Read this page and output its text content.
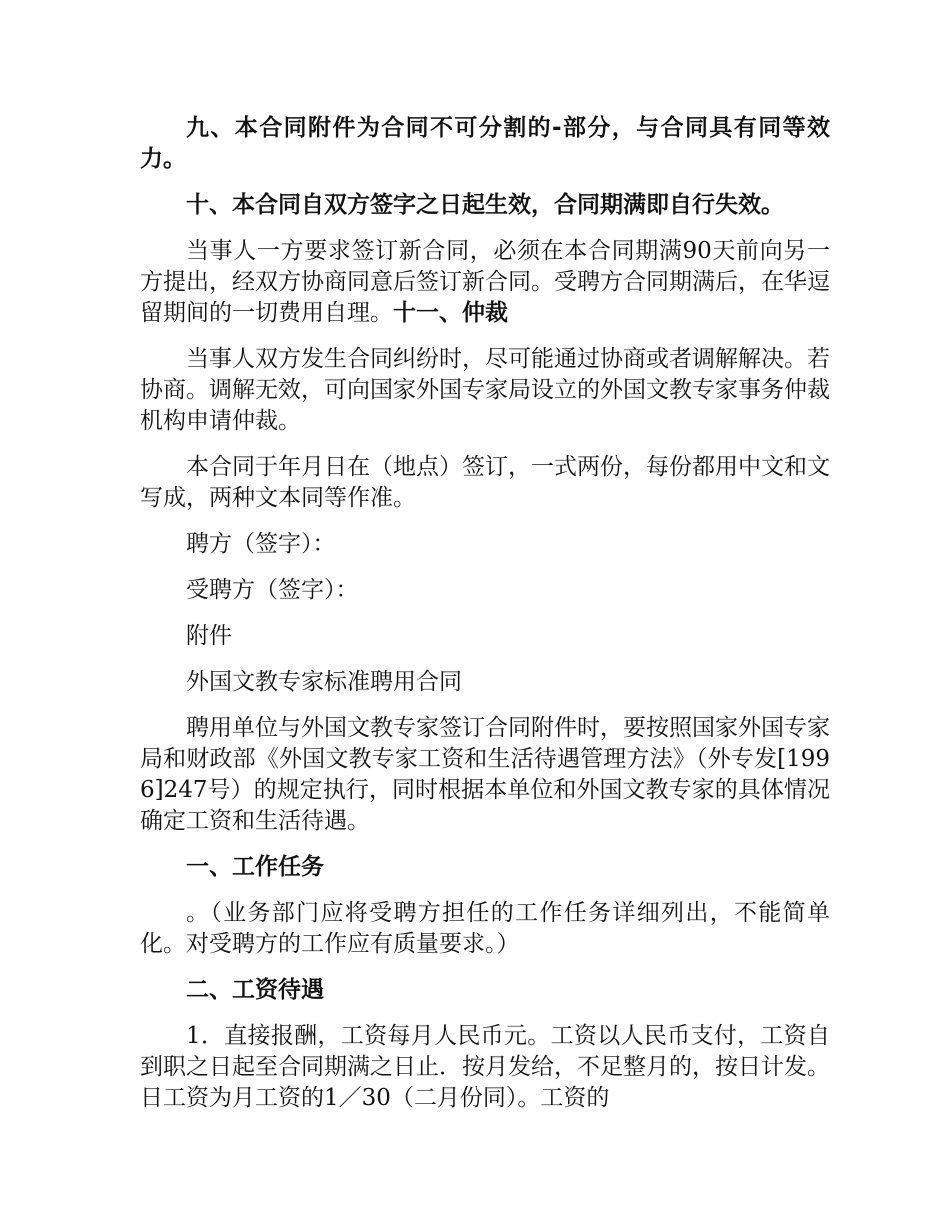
九、本合同附件为合同不可分割的-部分，与合同具有同等效力。

十、本合同自双方签字之日起生效，合同期满即自行失效。

当事人一方要求签订新合同，必须在本合同期满90天前向另一方提出，经双方协商同意后签订新合同。受聘方合同期满后，在华逗留期间的一切费用自理。十一、仲裁

当事人双方发生合同纠纷时，尽可能通过协商或者调解解决。若协商。调解无效，可向国家外国专家局设立的外国文教专家事务仲裁机构申请仲裁。

本合同于年月日在（地点）签订，一式两份，每份都用中文和文写成，两种文本同等作准。

聘方（签字）：

受聘方（签字）：

附件

外国文教专家标准聘用合同

聘用单位与外国文教专家签订合同附件时，要按照国家外国专家局和财政部《外国文教专家工资和生活待遇管理方法》（外专发[1996]247号）的规定执行，同时根据本单位和外国文教专家的具体情况确定工资和生活待遇。

一、工作任务

。（业务部门应将受聘方担任的工作任务详细列出，不能简单化。对受聘方的工作应有质量要求。）

二、工资待遇

1．直接报酬，工资每月人民币元。工资以人民币支付，工资自到职之日起至合同期满之日止．按月发给，不足整月的，按日计发。日工资为月工资的1／30（二月份同）。工资的
